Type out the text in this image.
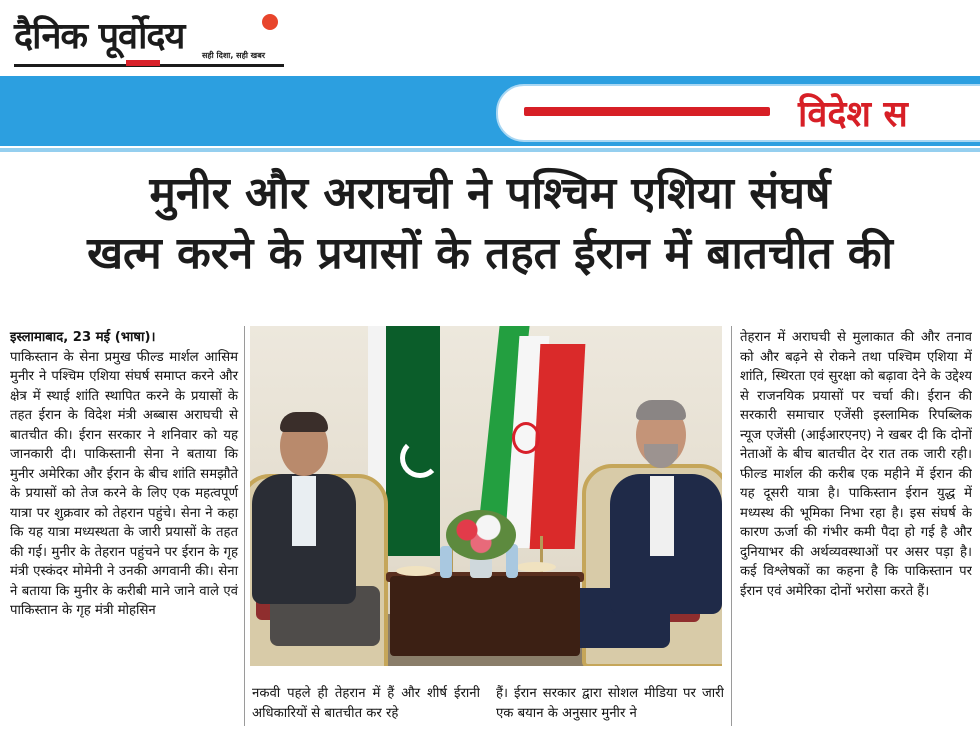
दैनिक पूर्वोदय सही दिशा, सही खबर
विदेश स
मुनीर और अराघची ने पश्चिम एशिया संघर्ष
खत्म करने के प्रयासों के तहत ईरान में बातचीत की
इस्लामाबाद, 23 मई (भाषा)।
पाकिस्तान के सेना प्रमुख फील्ड मार्शल आसिम मुनीर ने पश्चिम एशिया संघर्ष समाप्त करने और क्षेत्र में स्थाई शांति स्थापित करने के प्रयासों के तहत ईरान के विदेश मंत्री अब्बास अराघची से बातचीत की। ईरान सरकार ने शनिवार को यह जानकारी दी। पाकिस्तानी सेना ने बताया कि मुनीर अमेरिका और ईरान के बीच शांति समझौते के प्रयासों को तेज करने के लिए एक महत्वपूर्ण यात्रा पर शुक्रवार को तेहरान पहुंचे। सेना ने कहा कि यह यात्रा मध्यस्थता के जारी प्रयासों के तहत की गई। मुनीर के तेहरान पहुंचने पर ईरान के गृह मंत्री एस्कंदर मोमेनी ने उनकी अगवानी की। सेना ने बताया कि मुनीर के करीबी माने जाने वाले एवं पाकिस्तान के गृह मंत्री मोहसिन
नकवी पहले ही तेहरान में हैं और शीर्ष ईरानी अधिकारियों से बातचीत कर रहे
हैं। ईरान सरकार द्वारा सोशल मीडिया पर जारी एक बयान के अनुसार मुनीर ने
तेहरान में अराघची से मुलाकात की और तनाव को और बढ़ने से रोकने तथा पश्चिम एशिया में शांति, स्थिरता एवं सुरक्षा को बढ़ावा देने के उद्देश्य से राजनयिक प्रयासों पर चर्चा की। ईरान की सरकारी समाचार एजेंसी इस्लामिक रिपब्लिक न्यूज एजेंसी (आईआरएनए) ने खबर दी कि दोनों नेताओं के बीच बातचीत देर रात तक जारी रही। फील्ड मार्शल की करीब एक महीने में ईरान की यह दूसरी यात्रा है। पाकिस्तान ईरान युद्ध में मध्यस्थ की भूमिका निभा रहा है। इस संघर्ष के कारण ऊर्जा की गंभीर कमी पैदा हो गई है और दुनियाभर की अर्थव्यवस्थाओं पर असर पड़ा है। कई विश्लेषकों का कहना है कि पाकिस्तान पर ईरान एवं अमेरिका दोनों भरोसा करते हैं।
